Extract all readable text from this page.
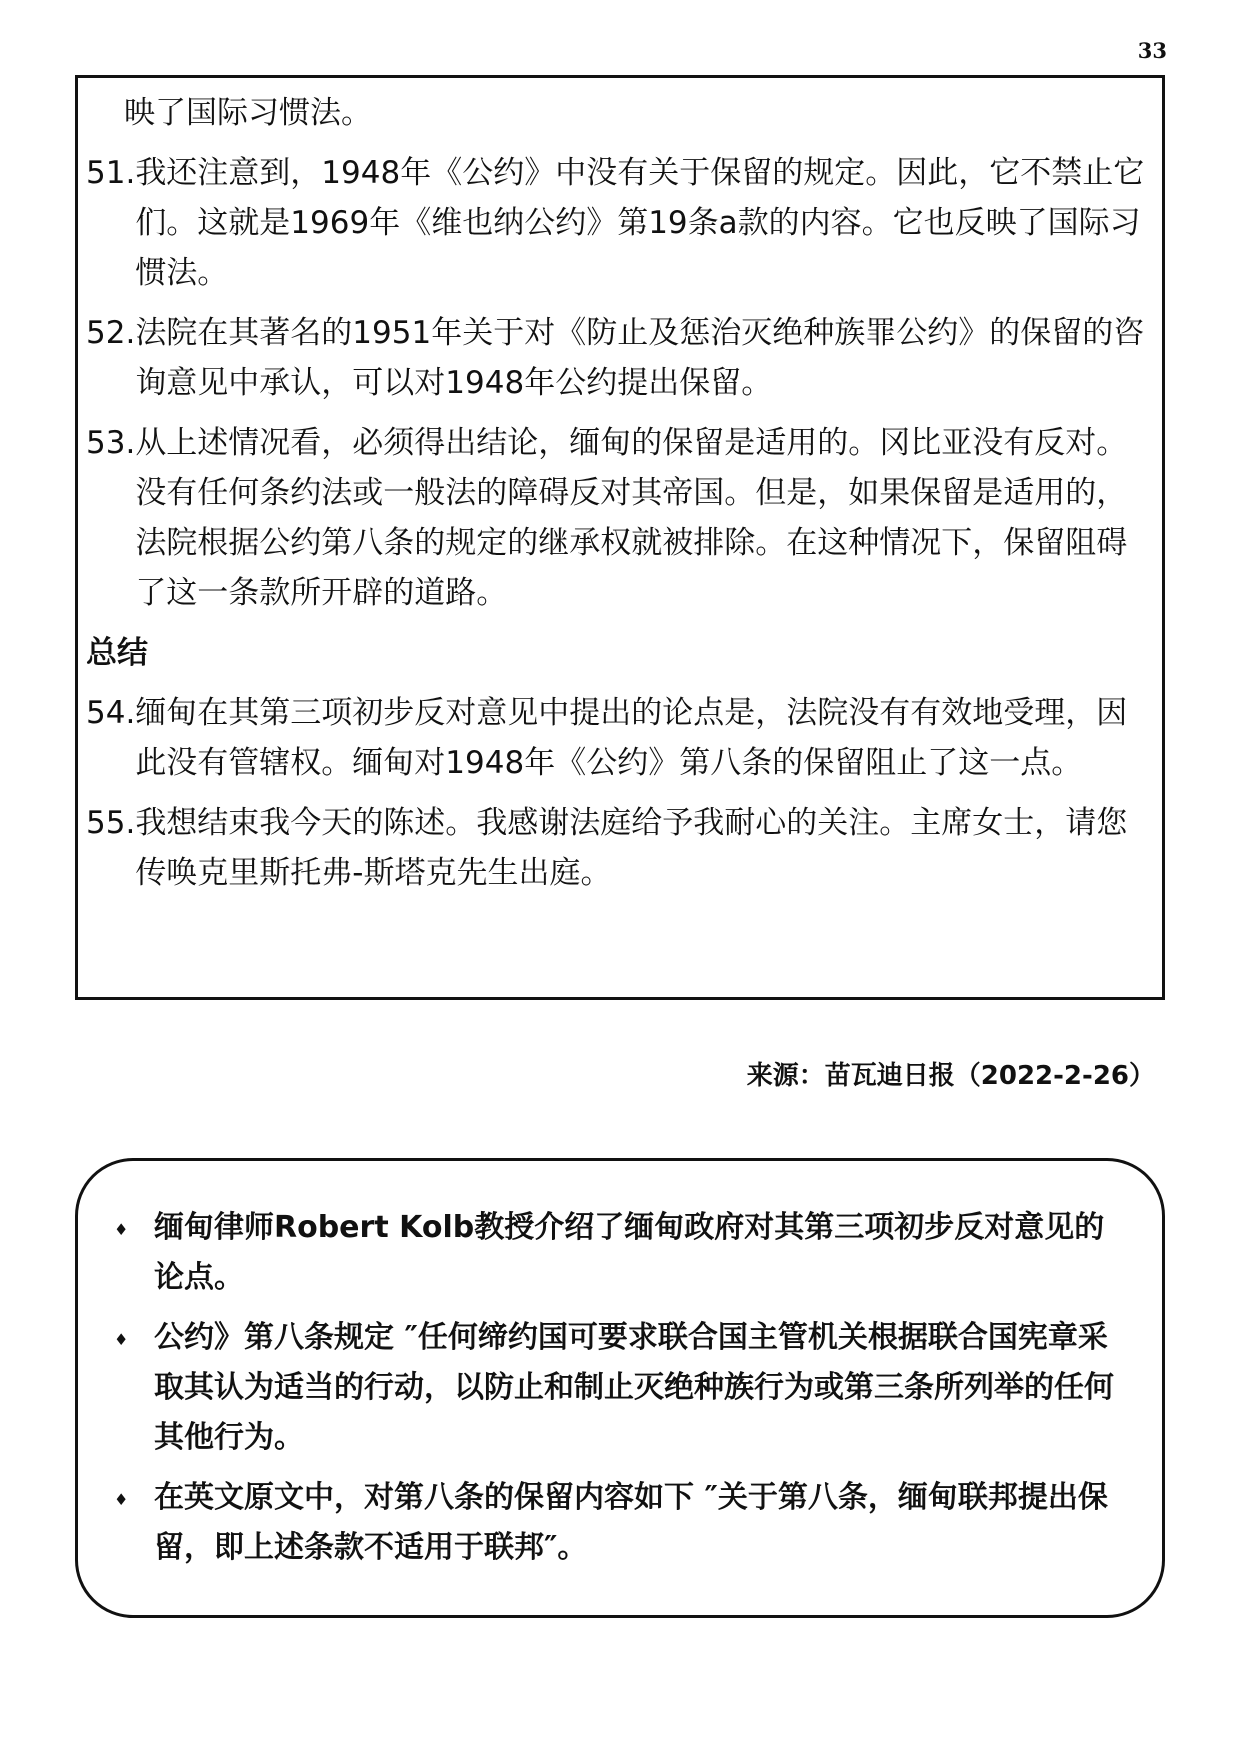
33
映了国际习惯法。
51. 我还注意到，1948年《公约》中没有关于保留的规定。因此，它不禁止它们。这就是1969年《维也纳公约》第19条a款的内容。它也反映了国际习惯法。
52. 法院在其著名的1951年关于对《防止及惩治灭绝种族罪公约》的保留的咨询意见中承认，可以对1948年公约提出保留。
53. 从上述情况看，必须得出结论，缅甸的保留是适用的。冈比亚没有反对。没有任何条约法或一般法的障碍反对其帝国。但是，如果保留是适用的，法院根据公约第八条的规定的继承权就被排除。在这种情况下，保留阻碍了这一条款所开辟的道路。
总结
54. 缅甸在其第三项初步反对意见中提出的论点是，法院没有有效地受理，因此没有管辖权。缅甸对1948年《公约》第八条的保留阻止了这一点。
55. 我想结束我今天的陈述。我感谢法庭给予我耐心的关注。主席女士，请您传唤克里斯托弗-斯塔克先生出庭。
来源：苗瓦迪日报（2022-2-26）
♦ 缅甸律师Robert Kolb教授介绍了缅甸政府对其第三项初步反对意见的论点。
♦ 公约》第八条规定 ″任何缔约国可要求联合国主管机关根据联合国宪章采取其认为适当的行动，以防止和制止灭绝种族行为或第三条所列举的任何其他行为。
♦ 在英文原文中，对第八条的保留内容如下 ″关于第八条，缅甸联邦提出保留，即上述条款不适用于联邦″。
